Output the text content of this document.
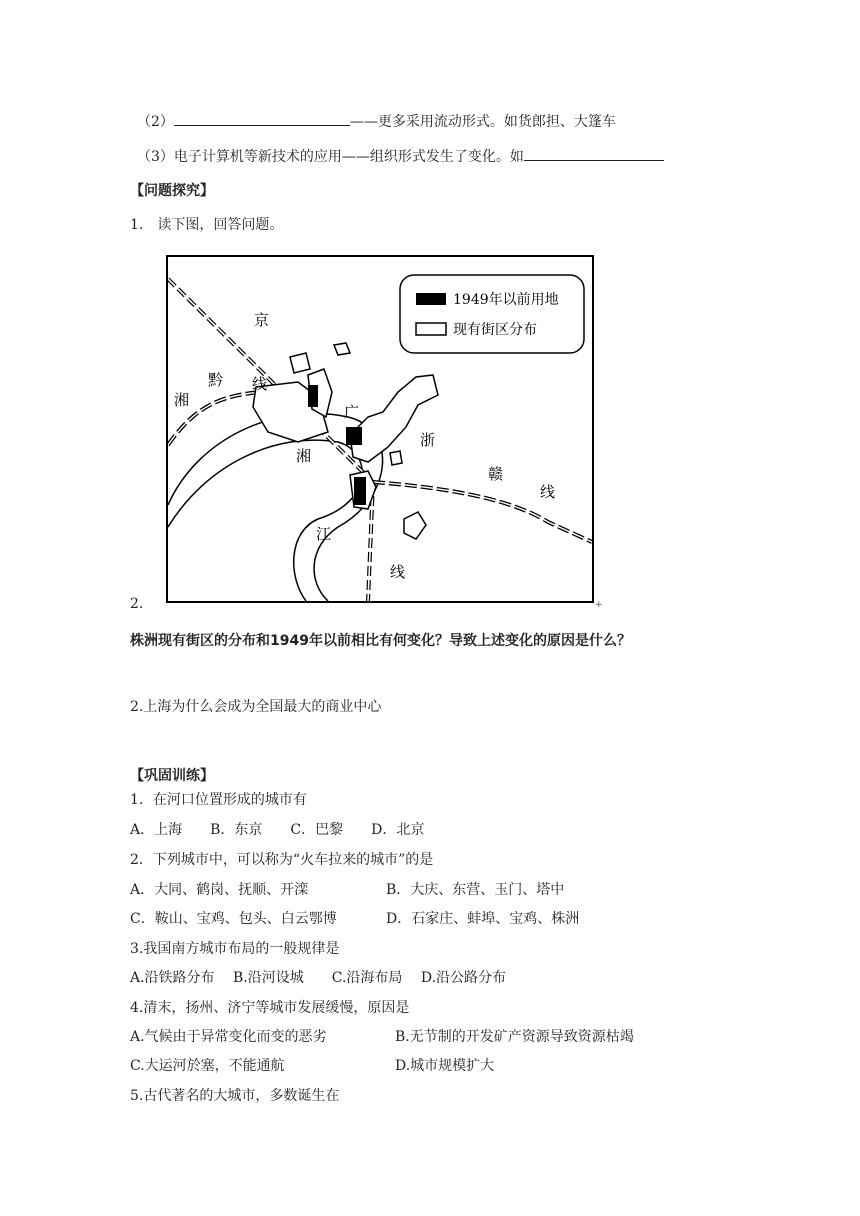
（2）	——更多采用流动形式。如货郎担、大篷车
（3）电子计算机等新技术的应用——组织形式发生了变化。如
【问题探究】
1.　读下图，回答问题。
1949年以前用地
现有街区分布
京
黔 线
湘
广
浙
赣
线
湘
江
线
2.	+
株洲现有街区的分布和1949年以前相比有何变化？导致上述变化的原因是什么？
2.上海为什么会成为全国最大的商业中心
【巩固训练】
1．在河口位置形成的城市有
A．上海　　B．东京　　C．巴黎　　D．北京
2．下列城市中，可以称为“火车拉来的城市”的是
A．大同、鹤岗、抚顺、开滦	B．大庆、东营、玉门、塔中
C．鞍山、宝鸡、包头、白云鄂博	D．石家庄、蚌埠、宝鸡、株洲
3.我国南方城市布局的一般规律是
A.沿铁路分布　 B.沿河设城　　C.沿海布局　 D.沿公路分布
4.清末，扬州、济宁等城市发展缓慢，原因是
A.气候由于异常变化而变的恶劣	B.无节制的开发矿产资源导致资源枯竭
C.大运河於塞，不能通航	D.城市规模扩大
5.古代著名的大城市，多数诞生在
